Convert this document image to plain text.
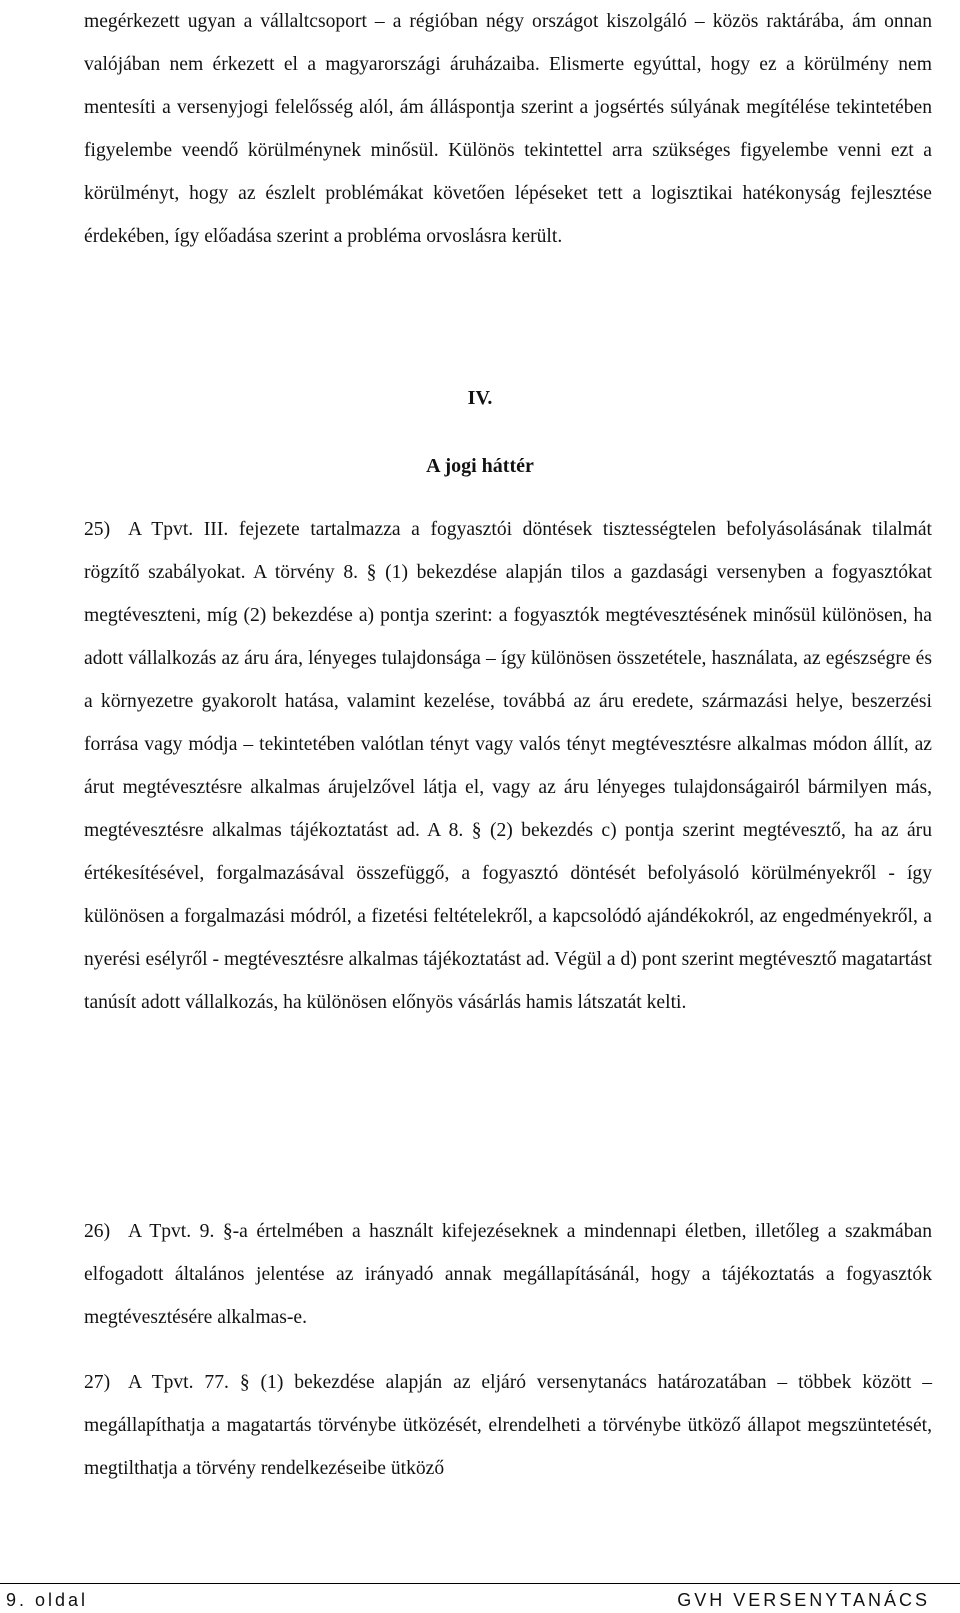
megérkezett ugyan a vállaltcsoport – a régióban négy országot kiszolgáló – közös raktárába, ám onnan valójában nem érkezett el a magyarországi áruházaiba. Elismerte egyúttal, hogy ez a körülmény nem mentesíti a versenyjogi felelősség alól, ám álláspontja szerint a jogsértés súlyának megítélése tekintetében figyelembe veendő körülménynek minősül. Különös tekintettel arra szükséges figyelembe venni ezt a körülményt, hogy az észlelt problémákat követően lépéseket tett a logisztikai hatékonyság fejlesztése érdekében, így előadása szerint a probléma orvoslásra került.
IV.
A jogi háttér
25) A Tpvt. III. fejezete tartalmazza a fogyasztói döntések tisztességtelen befolyásolásának tilalmát rögzítő szabályokat. A törvény 8. § (1) bekezdése alapján tilos a gazdasági versenyben a fogyasztókat megtéveszteni, míg (2) bekezdése a) pontja szerint: a fogyasztók megtévesztésének minősül különösen, ha adott vállalkozás az áru ára, lényeges tulajdonsága – így különösen összetétele, használata, az egészségre és a környezetre gyakorolt hatása, valamint kezelése, továbbá az áru eredete, származási helye, beszerzési forrása vagy módja – tekintetében valótlan tényt vagy valós tényt megtévesztésre alkalmas módon állít, az árut megtévesztésre alkalmas árujelzővel látja el, vagy az áru lényeges tulajdonságairól bármilyen más, megtévesztésre alkalmas tájékoztatást ad. A 8. § (2) bekezdés c) pontja szerint megtévesztő, ha az áru értékesítésével, forgalmazásával összefüggő, a fogyasztó döntését befolyásoló körülményekről - így különösen a forgalmazási módról, a fizetési feltételekről, a kapcsolódó ajándékokról, az engedményekről, a nyerési esélyről - megtévesztésre alkalmas tájékoztatást ad. Végül a d) pont szerint megtévesztő magatartást tanúsít adott vállalkozás, ha különösen előnyös vásárlás hamis látszatát kelti.
26) A Tpvt. 9. §-a értelmében a használt kifejezéseknek a mindennapi életben, illetőleg a szakmában elfogadott általános jelentése az irányadó annak megállapításánál, hogy a tájékoztatás a fogyasztók megtévesztésére alkalmas-e.
27) A Tpvt. 77. § (1) bekezdése alapján az eljáró versenytanács határozatában – többek között – megállapíthatja a magatartás törvénybe ütközését, elrendelheti a törvénybe ütköző állapot megszüntetését, megtilthatja a törvény rendelkezéseibe ütköző
9. oldal	GVH VERSENYTANÁCS
